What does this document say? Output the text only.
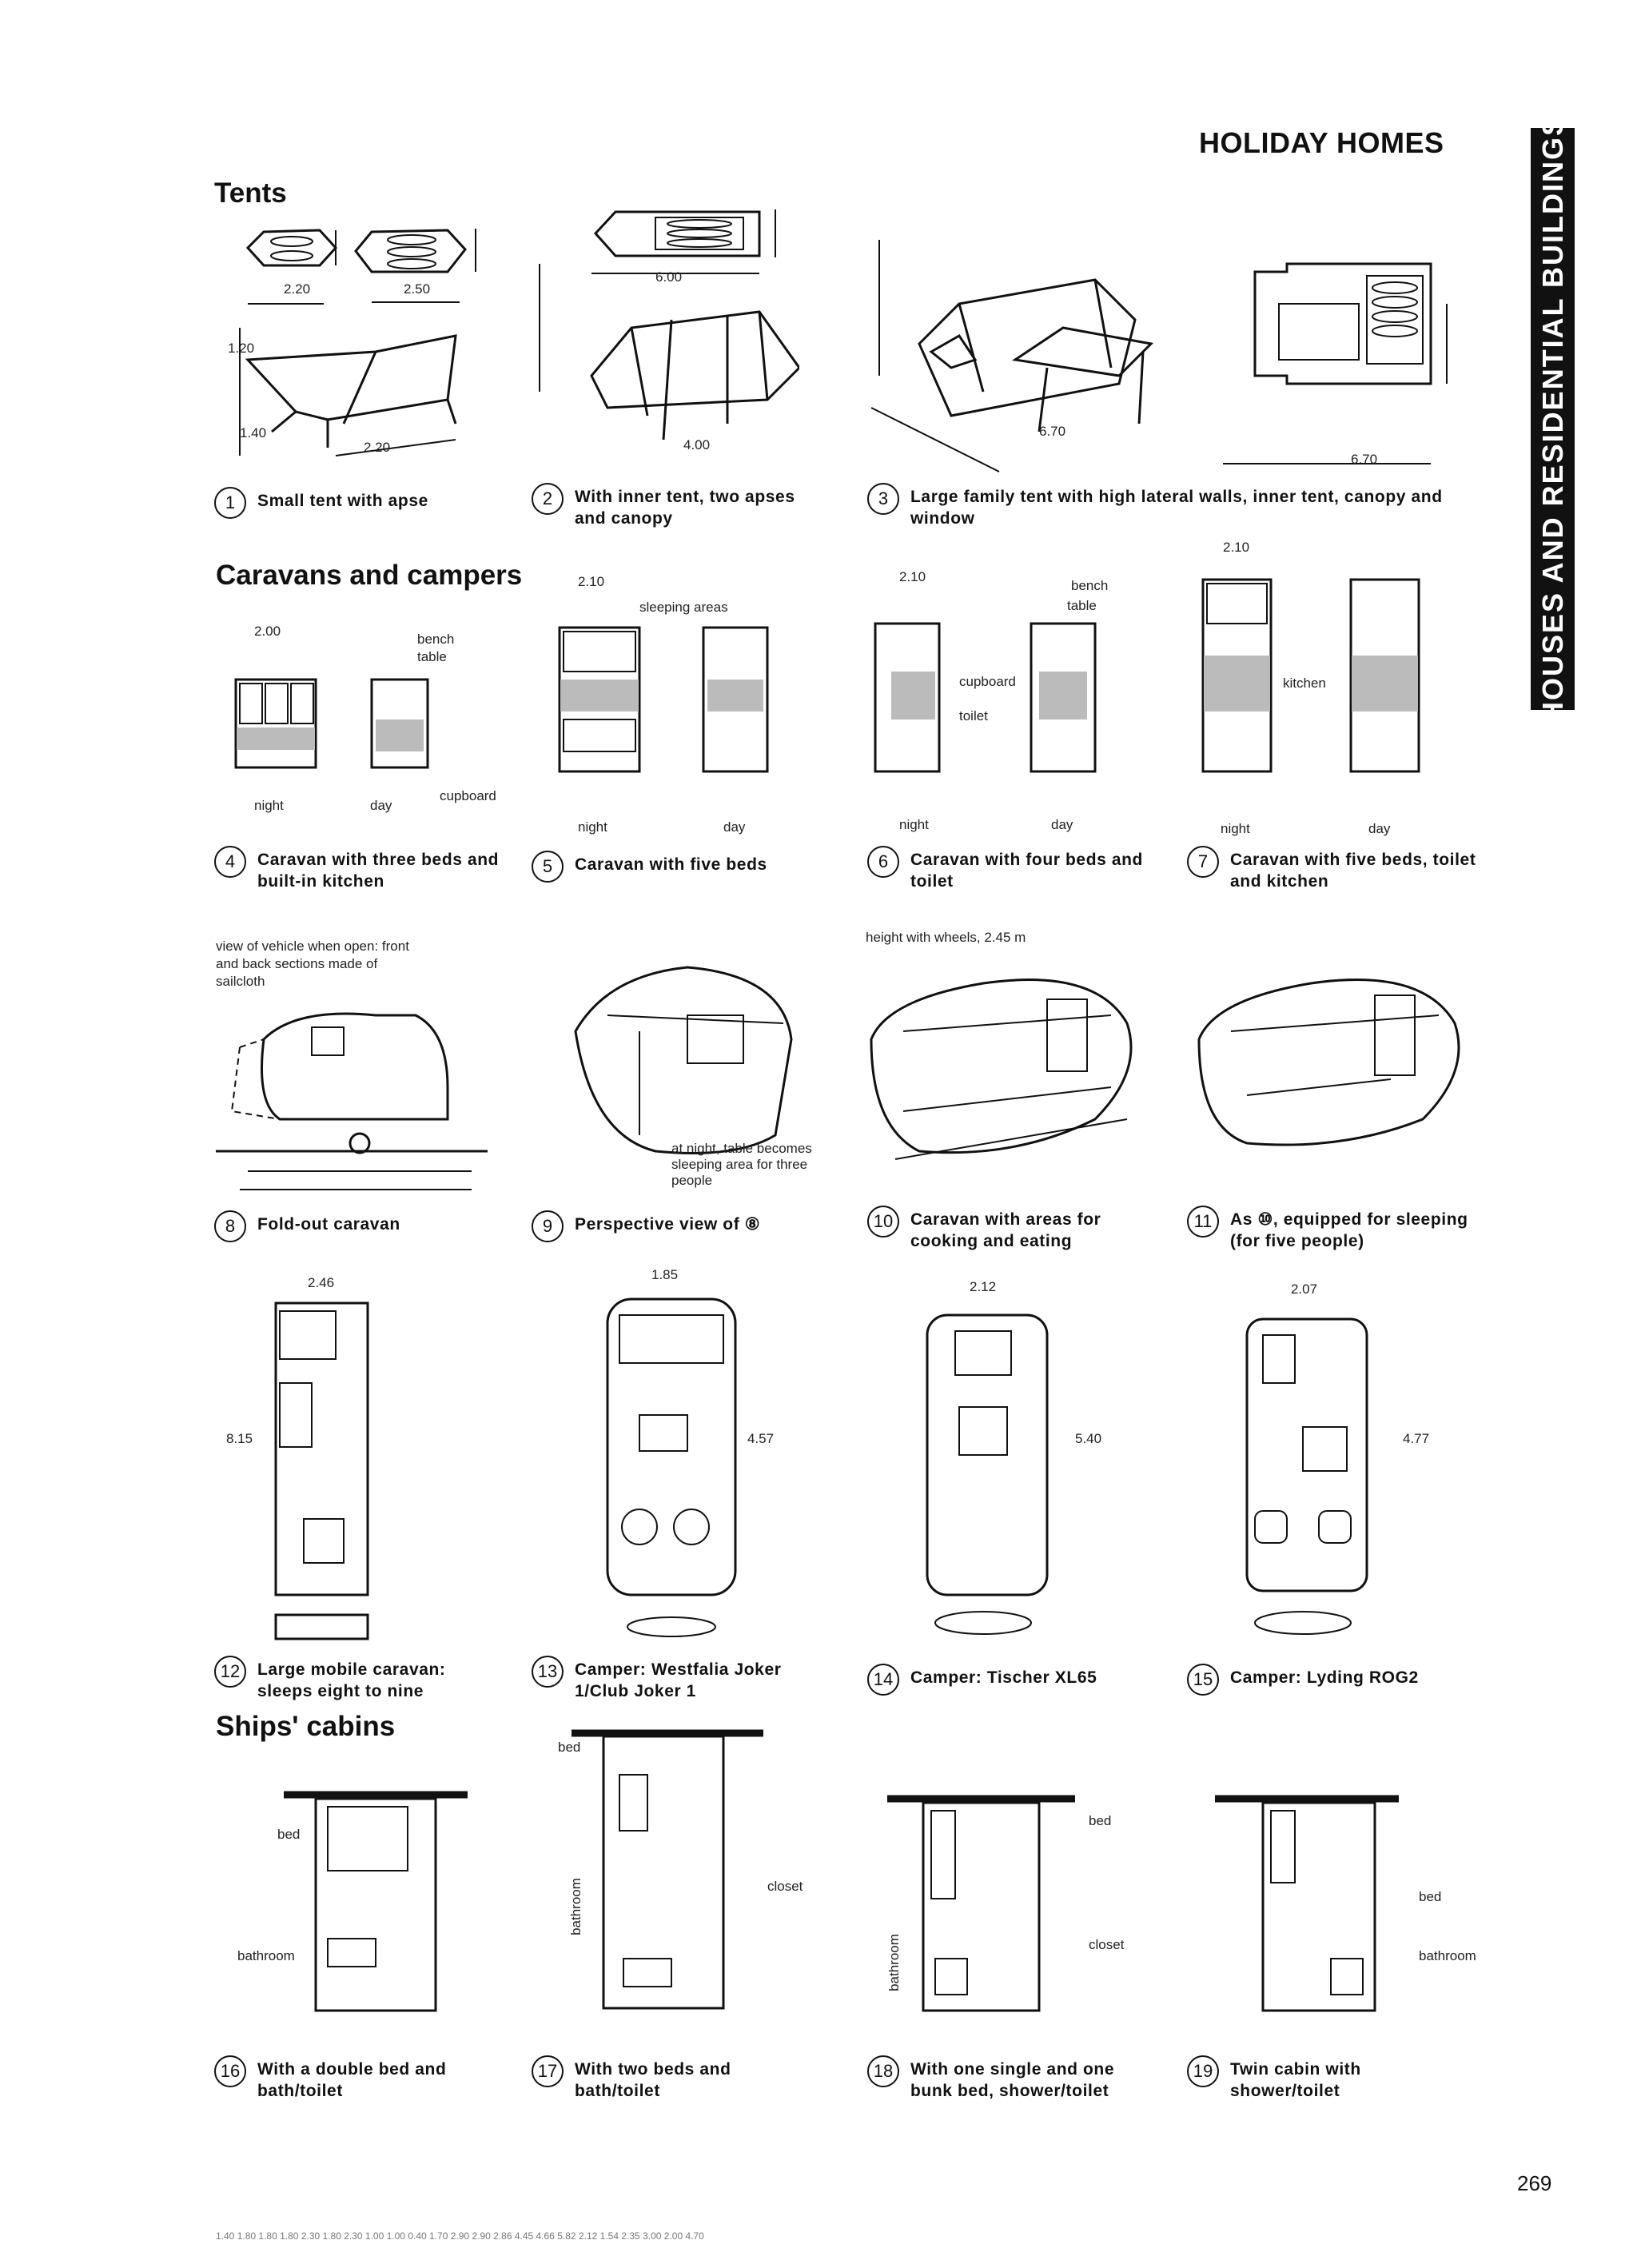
HOLIDAY HOMES	HOUSES AND RESIDENTIAL BUILDINGS
Tents
Caravans and campers
Ships' cabins
2.20	2.50
1.20
1.40
2.20
6.00
4.00
6.70
6.70
1	Small tent with apse	2	With inner tent, two apses and canopy
3	Large family tent with high lateral walls, inner tent, canopy and window
2.00
bench
table
cupboard
night	day
2.10
sleeping areas
night	day
2.10
bench
table
cupboard
toilet
night	day
2.10
kitchen
night	day
4	Caravan with three beds and built-in kitchen
5	Caravan with five beds	6	Caravan with four beds and toilet
7	Caravan with five beds, toilet and kitchen
view of vehicle when open: front and back sections made of sailcloth
at night, table becomes sleeping area for three people
height with wheels, 2.45 m
8	Fold-out caravan	9	Perspective view of ⑧	10	Caravan with areas for cooking and eating
11	As ⑩, equipped for sleeping (for five people)
2.46
8.15
1.85
4.57
2.12
5.40
2.07
4.77
12	Large mobile caravan: sleeps eight to nine
13	Camper: Westfalia Joker 1/Club Joker 1
14	Camper: Tischer XL65	15	Camper: Lyding ROG2
bed
bathroom
bed
closet
bathroom
bed
closet
bathroom
bed
bathroom
16	With a double bed and bath/toilet
17	With two beds and bath/toilet
18	With one single and one bunk bed, shower/toilet
19	Twin cabin with shower/toilet
269
1.40 1.80 1.80 1.80 2.30 1.80 2.30 1.00 1.00 0.40 1.70 2.90 2.90 2.86 4.45 4.66 5.82 2.12 1.54 2.35 3.00 2.00 4.70
